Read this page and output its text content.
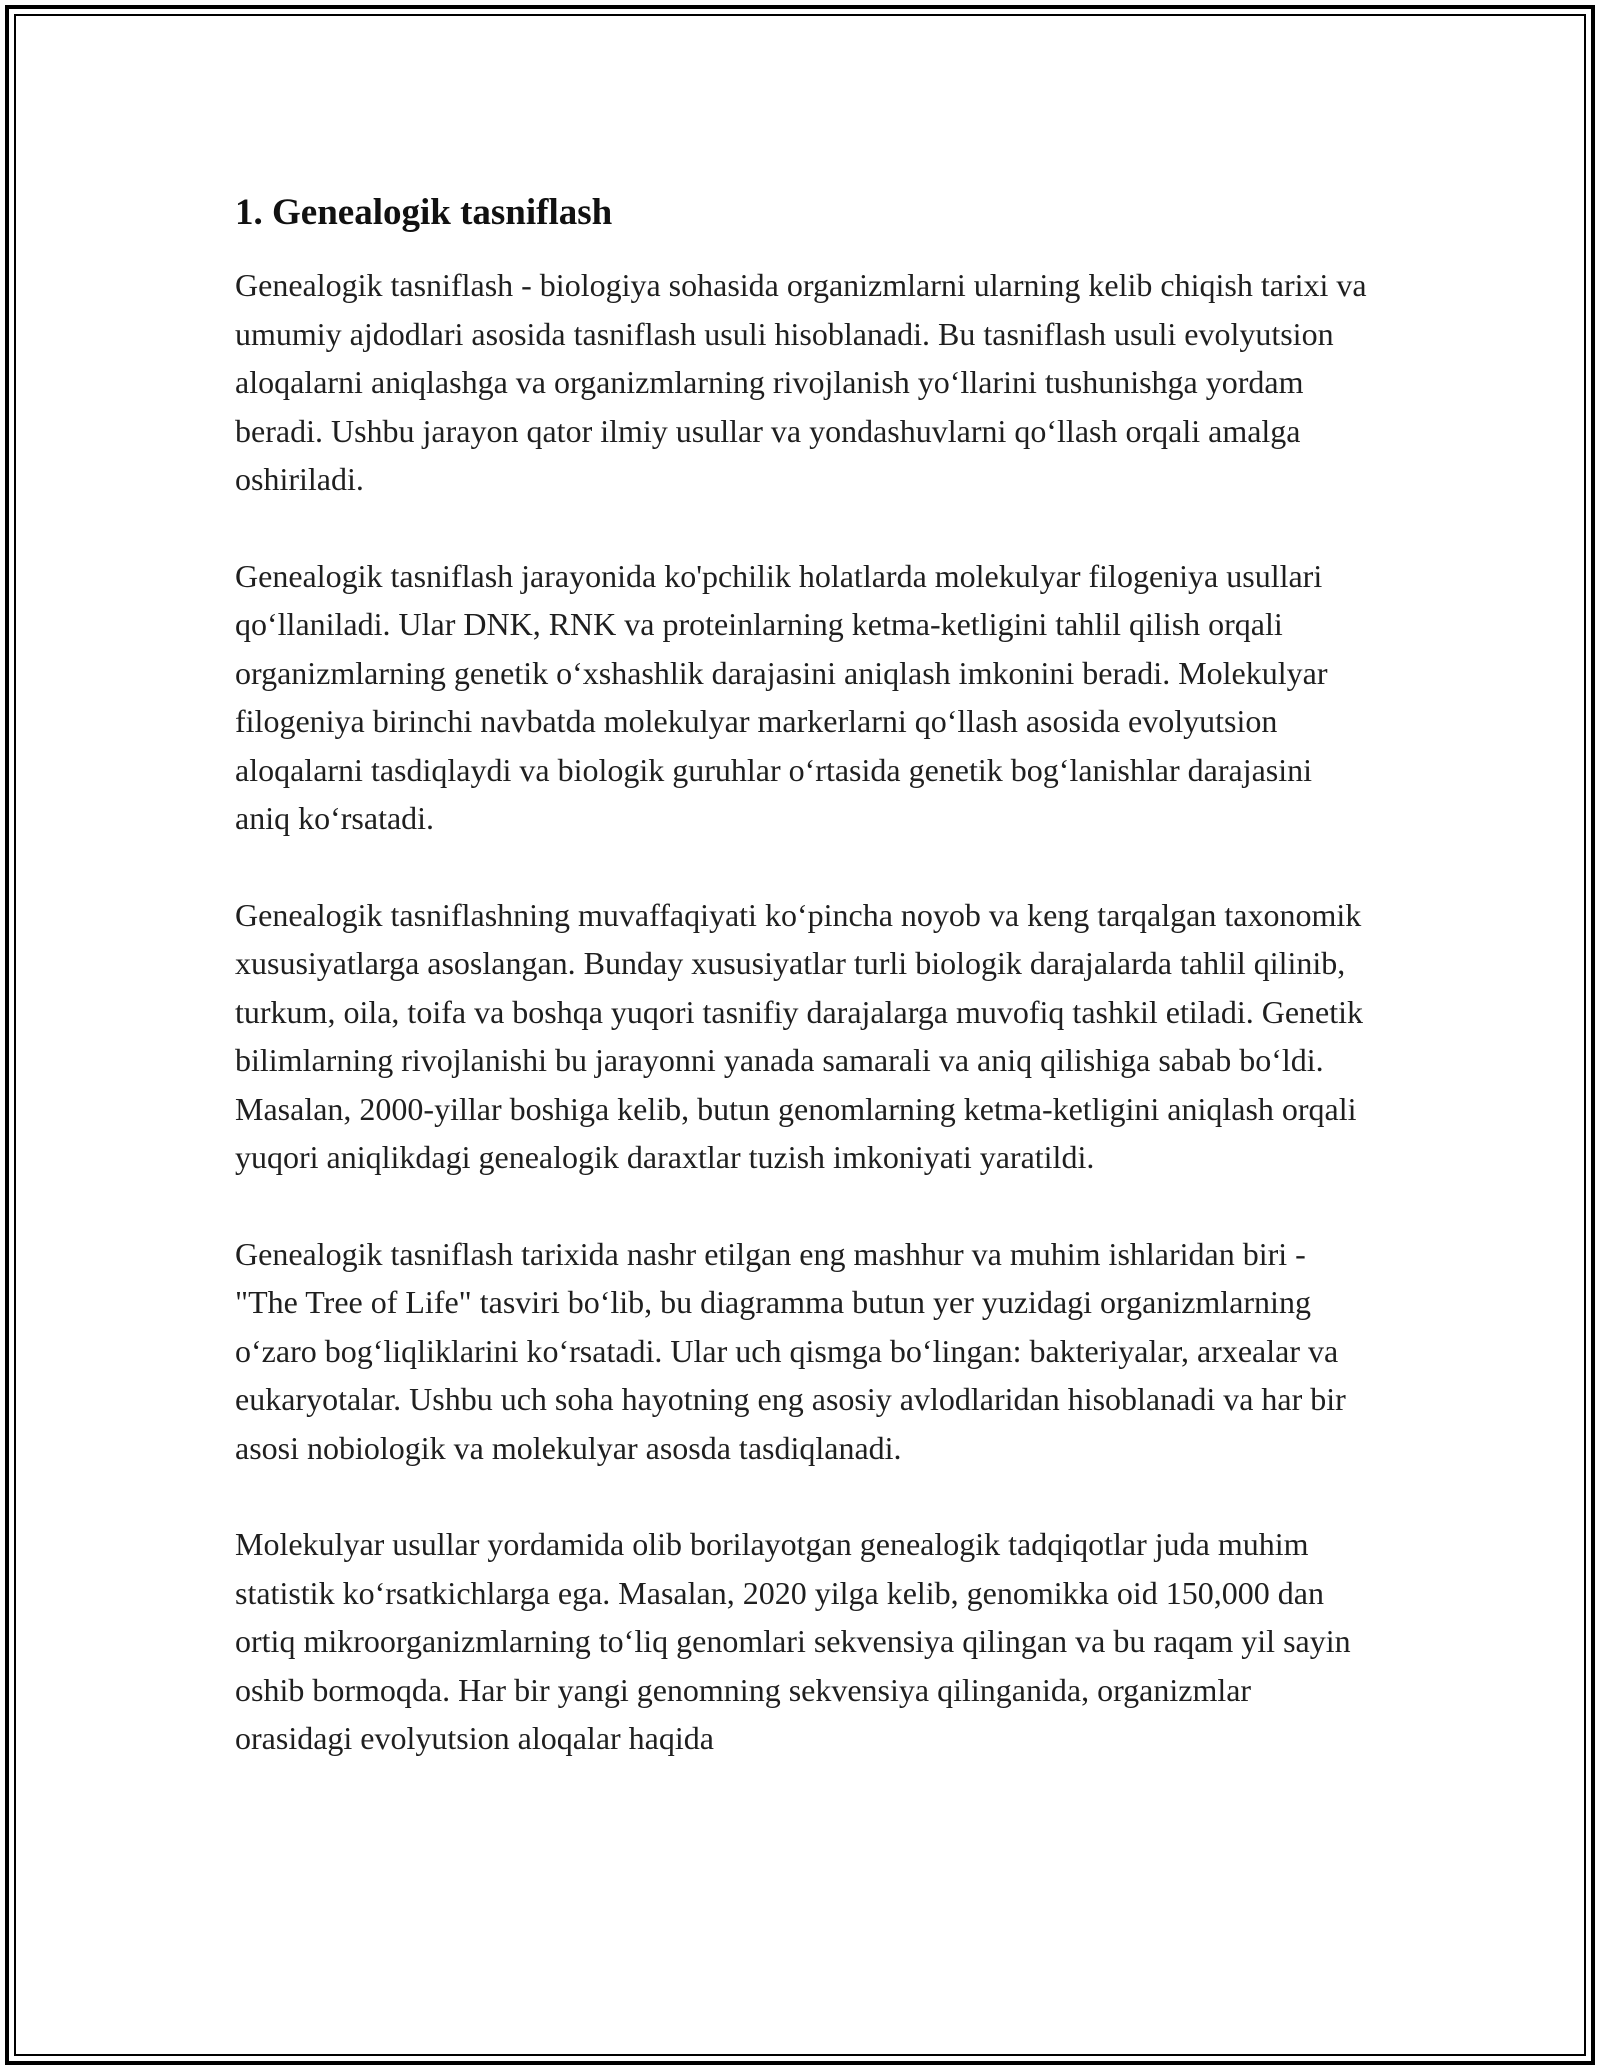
1. Genealogik tasniflash

Genealogik tasniflash - biologiya sohasida organizmlarni ularning kelib chiqish tarixi va umumiy ajdodlari asosida tasniflash usuli hisoblanadi. Bu tasniflash usuli evolyutsion aloqalarni aniqlashga va organizmlarning rivojlanish yo‘llarini tushunishga yordam beradi. Ushbu jarayon qator ilmiy usullar va yondashuvlarni qo‘llash orqali amalga oshiriladi.

Genealogik tasniflash jarayonida ko'pchilik holatlarda molekulyar filogeniya usullari qo‘llaniladi. Ular DNK, RNK va proteinlarning ketma-ketligini tahlil qilish orqali organizmlarning genetik o‘xshashlik darajasini aniqlash imkonini beradi. Molekulyar filogeniya birinchi navbatda molekulyar markerlarni qo‘llash asosida evolyutsion aloqalarni tasdiqlaydi va biologik guruhlar o‘rtasida genetik bog‘lanishlar darajasini aniq ko‘rsatadi.

Genealogik tasniflashning muvaffaqiyati ko‘pincha noyob va keng tarqalgan taxonomik xususiyatlarga asoslangan. Bunday xususiyatlar turli biologik darajalarda tahlil qilinib, turkum, oila, toifa va boshqa yuqori tasnifiy darajalarga muvofiq tashkil etiladi. Genetik bilimlarning rivojlanishi bu jarayonni yanada samarali va aniq qilishiga sabab bo‘ldi. Masalan, 2000-yillar boshiga kelib, butun genomlarning ketma-ketligini aniqlash orqali yuqori aniqlikdagi genealogik daraxtlar tuzish imkoniyati yaratildi.

Genealogik tasniflash tarixida nashr etilgan eng mashhur va muhim ishlaridan biri - "The Tree of Life" tasviri bo‘lib, bu diagramma butun yer yuzidagi organizmlarning o‘zaro bog‘liqliklarini ko‘rsatadi. Ular uch qismga bo‘lingan: bakteriyalar, arxealar va eukaryotalar. Ushbu uch soha hayotning eng asosiy avlodlaridan hisoblanadi va har bir asosi nobiologik va molekulyar asosda tasdiqlanadi.

Molekulyar usullar yordamida olib borilayotgan genealogik tadqiqotlar juda muhim statistik ko‘rsatkichlarga ega. Masalan, 2020 yilga kelib, genomikka oid 150,000 dan ortiq mikroorganizmlarning to‘liq genomlari sekvensiya qilingan va bu raqam yil sayin oshib bormoqda. Har bir yangi genomning sekvensiya qilinganida, organizmlar orasidagi evolyutsion aloqalar haqida
